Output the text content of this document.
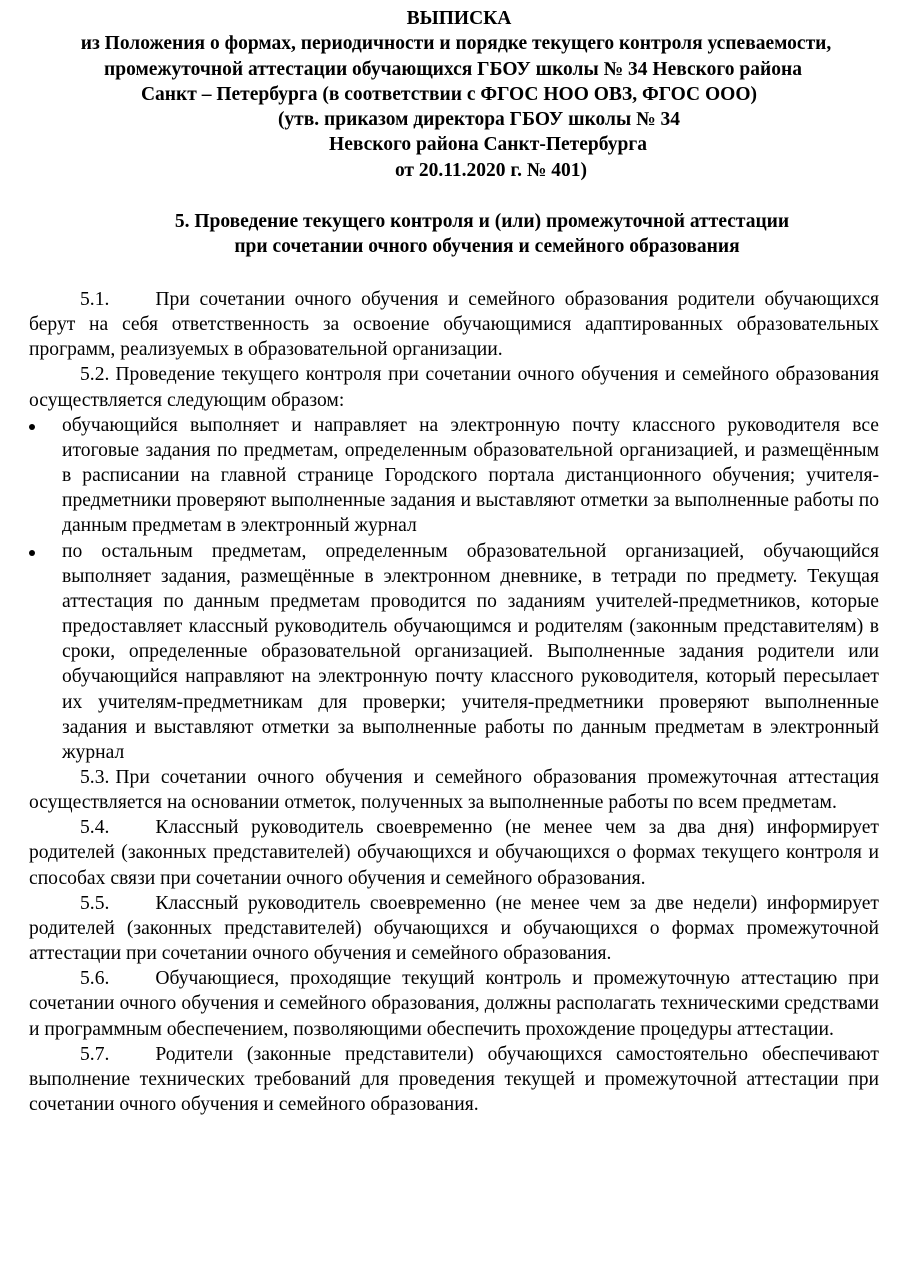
ВЫПИСКА
из Положения о формах, периодичности и порядке текущего контроля успеваемости,
промежуточной аттестации обучающихся ГБОУ школы № 34 Невского района
Санкт – Петербурга (в соответствии с ФГОС НОО ОВЗ, ФГОС ООО)
(утв. приказом директора ГБОУ школы № 34
Невского района Санкт-Петербурга
от 20.11.2020 г. № 401)
5. Проведение текущего контроля и (или) промежуточной аттестации
при сочетании очного обучения и семейного образования

5.1. При сочетании очного обучения и семейного образования родители обучающихся берут на себя ответственность за освоение обучающимися адаптированных образовательных программ, реализуемых в образовательной организации.

5.2. Проведение текущего контроля при сочетании очного обучения и семейного образования осуществляется следующим образом:

обучающийся выполняет и направляет на электронную почту классного руководителя все итоговые задания по предметам, определенным образовательной организацией, и размещённым в расписании на главной странице Городского портала дистанционного обучения; учителя-предметники проверяют выполненные задания и выставляют отметки за выполненные работы по данным предметам в электронный журнал
по остальным предметам, определенным образовательной организацией, обучающийся выполняет задания, размещённые в электронном дневнике, в тетради по предмету. Текущая аттестация по данным предметам проводится по заданиям учителей-предметников, которые предоставляет классный руководитель обучающимся и родителям (законным представителям) в сроки, определенные образовательной организацией. Выполненные задания родители или обучающийся направляют на электронную почту классного руководителя, который пересылает их учителям-предметникам для проверки; учителя-предметники проверяют выполненные задания и выставляют отметки за выполненные работы по данным предметам в электронный журнал

5.3. При сочетании очного обучения и семейного образования промежуточная аттестация осуществляется на основании отметок, полученных за выполненные работы по всем предметам.

5.4. Классный руководитель своевременно (не менее чем за два дня) информирует родителей (законных представителей) обучающихся и обучающихся о формах текущего контроля и способах связи при сочетании очного обучения и семейного образования.

5.5. Классный руководитель своевременно (не менее чем за две недели) информирует родителей (законных представителей) обучающихся и обучающихся о формах промежуточной аттестации при сочетании очного обучения и семейного образования.

5.6. Обучающиеся, проходящие текущий контроль и промежуточную аттестацию при сочетании очного обучения и семейного образования, должны располагать техническими средствами и программным обеспечением, позволяющими обеспечить прохождение процедуры аттестации.

5.7. Родители (законные представители) обучающихся самостоятельно обеспечивают выполнение технических требований для проведения текущей и промежуточной аттестации при сочетании очного обучения и семейного образования.
